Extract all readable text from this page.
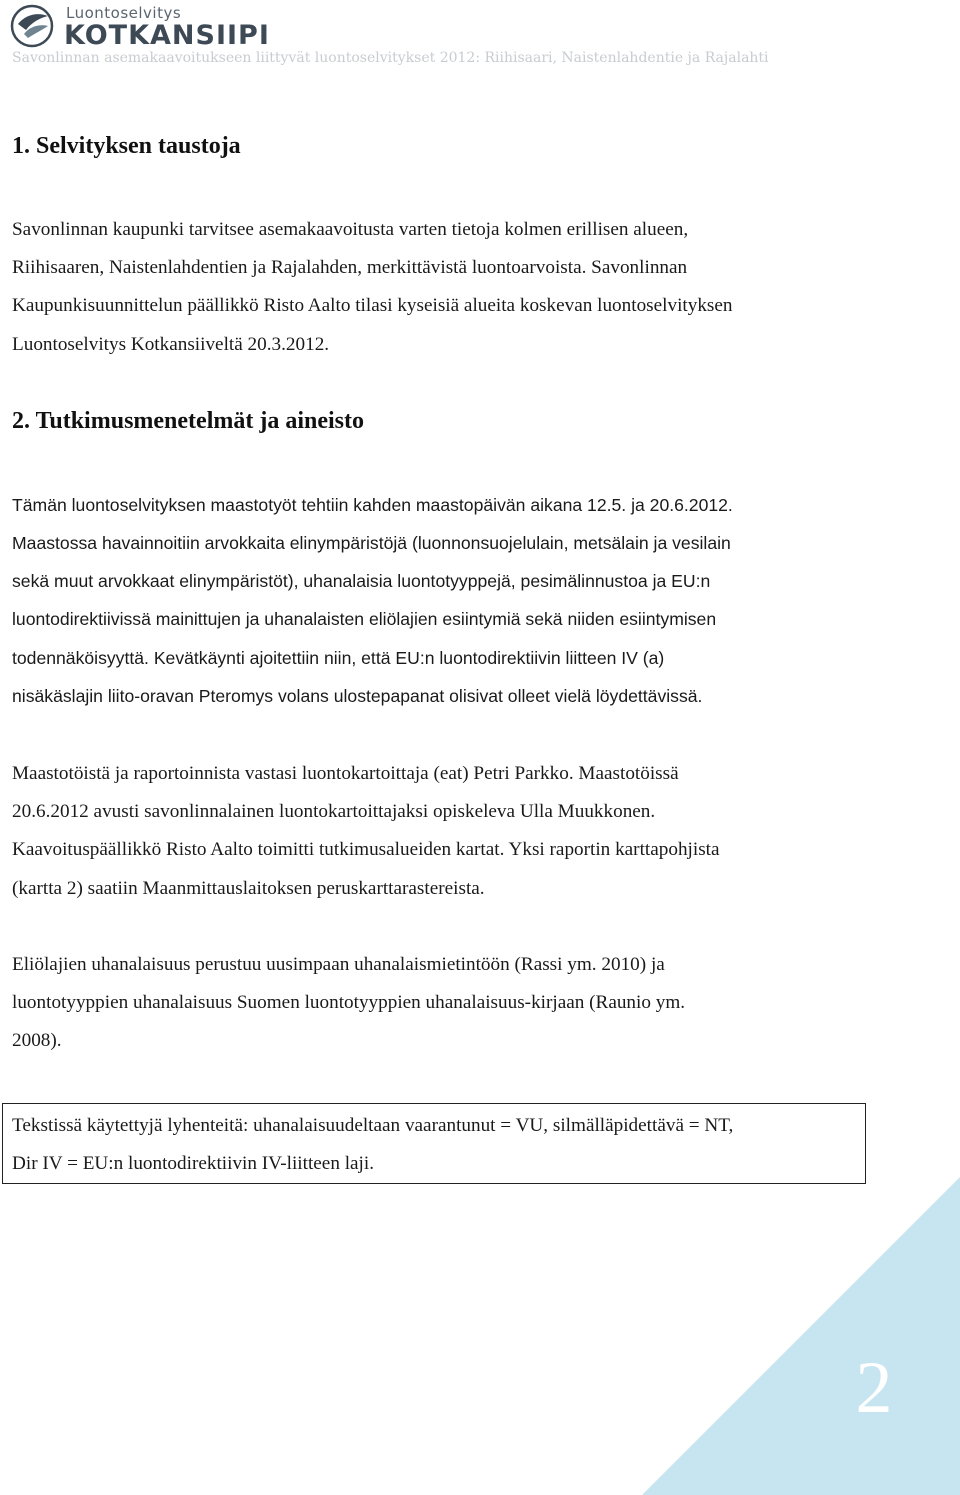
Luontoselvitys
KOTKANSIIPI
Savonlinnan asemakaavoitukseen liittyvät luontoselvitykset 2012: Riihisaari, Naistenlahdentie ja Rajalahti
1. Selvityksen taustoja

Savonlinnan kaupunki tarvitsee asemakaavoitusta varten tietoja kolmen erillisen alueen,
Riihisaaren, Naistenlahdentien ja Rajalahden, merkittävistä luontoarvoista. Savonlinnan
Kaupunkisuunnittelun päällikkö Risto Aalto tilasi kyseisiä alueita koskevan luontoselvityksen
Luontoselvitys Kotkansiiveltä 20.3.2012.

2. Tutkimusmenetelmät ja aineisto

Tämän luontoselvityksen maastotyöt tehtiin kahden maastopäivän aikana 12.5. ja 20.6.2012.

Maastossa havainnoitiin arvokkaita elinympäristöjä (luonnonsuojelulain, metsälain ja vesilain
sekä muut arvokkaat elinympäristöt), uhanalaisia luontotyyppejä, pesimälinnustoa ja EU:n
luontodirektiivissä mainittujen ja uhanalaisten eliölajien esiintymiä sekä niiden esiintymisen
todennäköisyyttä. Kevätkäynti ajoitettiin niin, että EU:n luontodirektiivin liitteen IV (a)
nisäkäslajin liito-oravan Pteromys volans ulostepapanat olisivat olleet vielä löydettävissä.

Maastotöistä ja raportoinnista vastasi luontokartoittaja (eat) Petri Parkko. Maastotöissä
20.6.2012 avusti savonlinnalainen luontokartoittajaksi opiskeleva Ulla Muukkonen.
Kaavoituspäällikkö Risto Aalto toimitti tutkimusalueiden kartat. Yksi raportin karttapohjista
(kartta 2) saatiin Maanmittauslaitoksen peruskarttarastereista.

Eliölajien uhanalaisuus perustuu uusimpaan uhanalaismietintöön (Rassi ym. 2010) ja
luontotyyppien uhanalaisuus Suomen luontotyyppien uhanalaisuus-kirjaan (Raunio ym.
2008).

Tekstissä käytettyjä lyhenteitä: uhanalaisuudeltaan vaarantunut = VU, silmälläpidettävä = NT,
Dir IV = EU:n luontodirektiivin IV-liitteen laji.

2
